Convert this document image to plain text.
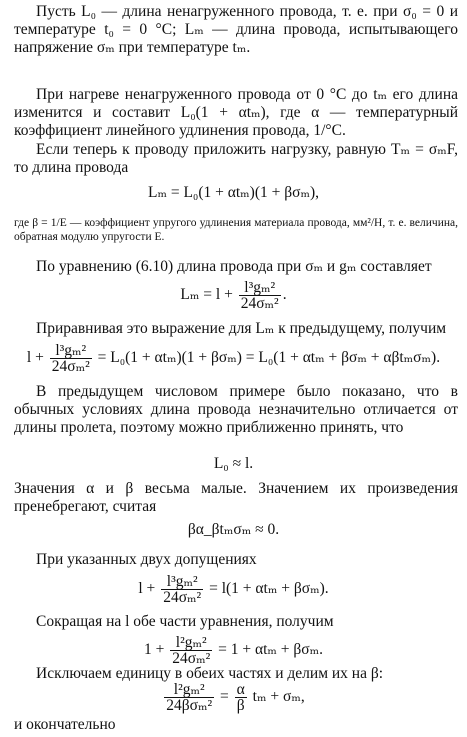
Пусть L₀ — длина ненагруженного провода, т. е. при σ₀ = 0 и температуре t₀ = 0 °C; Lₘ — длина провода, испытывающего напряжение σₘ при температуре tₘ.
При нагреве ненагруженного провода от 0 °C до tₘ его длина изменится и составит L₀(1 + αtₘ), где α — температурный коэффициент линейного удлинения провода, 1/°C.
Если теперь к проводу приложить нагрузку, равную Tₘ = σₘF, то длина провода
Lₘ = L₀(1 + αtₘ)(1 + βσₘ),
где β = 1/E — коэффициент упругого удлинения материала провода, мм²/Н, т. е. величина, обратная модулю упругости E.
По уравнению (6.10) длина провода при σₘ и gₘ составляет
$L_m = l + \frac{\text{l³gₘ²}}{\text{24σₘ²}}$ .
Приравнивая это выражение для Lₘ к предыдущему, получим
$l + \frac{\text{l³gₘ²}}{\text{24σₘ²}} = L_0(1 + \alpha t_m)(1 + \beta\sigma_m) = L_0(1 + \alpha t_m + \beta\sigma_m + \alpha\beta t_m\sigma_m)$.
В предыдущем числовом примере было показано, что в обычных условиях длина провода незначительно отличается от длины пролета, поэтому можно приближенно принять, что
L₀ ≈ l.
Значения α и β весьма малые. Значением их произведения пренебрегают, считая
βα_βtₘσₘ ≈ 0.
При указанных двух допущениях
$l + \frac{\text{l³gₘ²}}{\text{24σₘ²}} = l(1 + \alpha t_m + \beta\sigma_m)$.
Сокращая на l обе части уравнения, получим
$1 + \frac{\text{l²gₘ²}}{\text{24σₘ²}} = 1 + \alpha t_m + \beta\sigma_m$.
Исключаем единицу в обеих частях и делим их на β:
$\frac{\text{l²gₘ²}}{\text{24βσₘ²}} = \frac{\alpha}{\beta}$ tₘ + σₘ,
и окончательно
